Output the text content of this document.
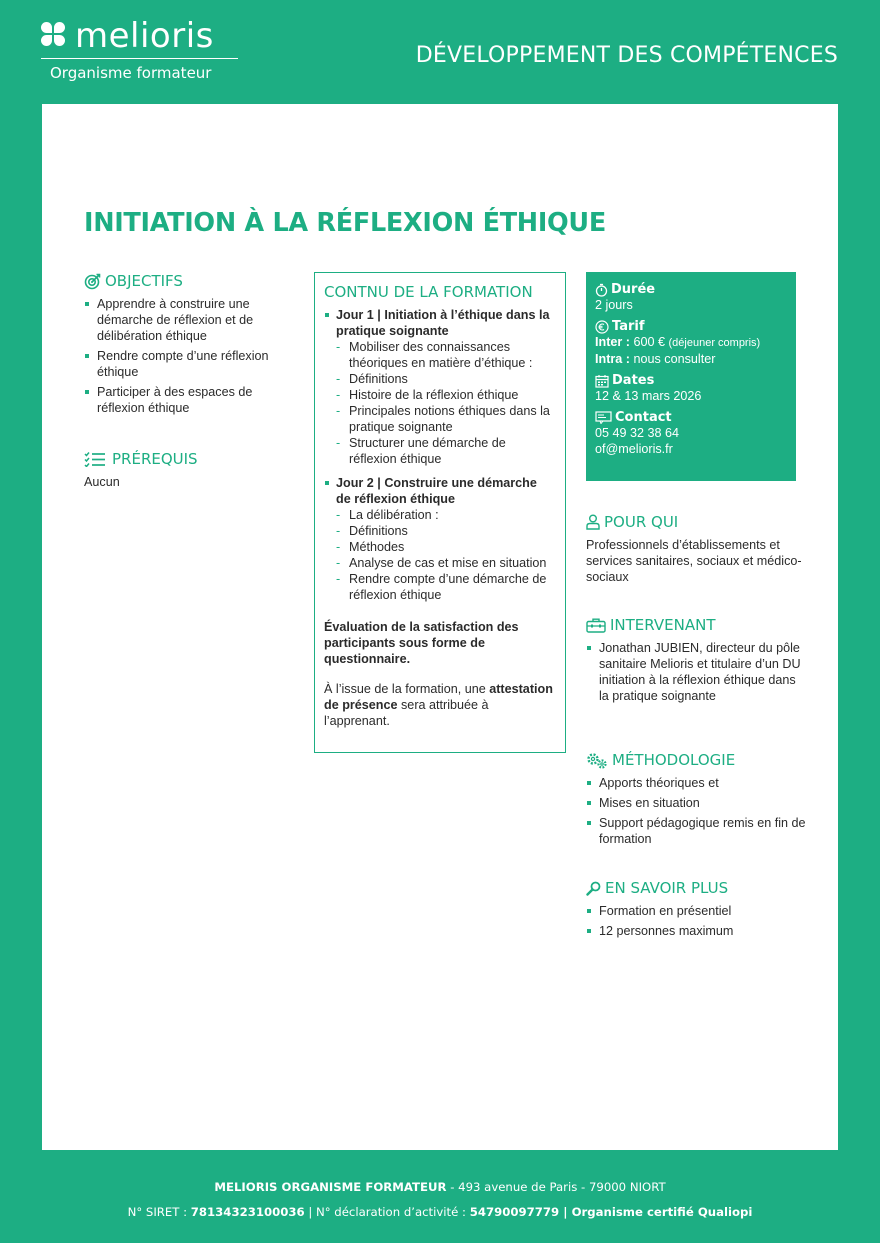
melioris
Organisme formateur
DÉVELOPPEMENT DES COMPÉTENCES
INITIATION À LA RÉFLEXION ÉTHIQUE
OBJECTIFS
Apprendre à construire une démarche de réflexion et de délibération éthique
Rendre compte d’une réflexion éthique
Participer à des espaces de réflexion éthique
PRÉREQUIS
Aucun
CONTNU DE LA FORMATION
Jour 1 | Initiation à l’éthique dans la pratique soignante
- Mobiliser des connaissances théoriques en matière d’éthique :
- Définitions
- Histoire de la réflexion éthique
- Principales notions éthiques dans la pratique soignante
- Structurer une démarche de réflexion éthique
Jour 2 | Construire une démarche de réflexion éthique
- La délibération :
- Définitions
- Méthodes
- Analyse de cas et mise en situation
- Rendre compte d’une démarche de réflexion éthique
Évaluation de la satisfaction des participants sous forme de questionnaire.
À l’issue de la formation, une attestation de présence sera attribuée à l’apprenant.
Durée
2 jours
Tarif
Inter : 600 € (déjeuner compris)
Intra : nous consulter
Dates
12 & 13 mars 2026
Contact
05 49 32 38 64
of@melioris.fr
POUR QUI
Professionnels d’établissements et services sanitaires, sociaux et médico-sociaux
INTERVENANT
Jonathan JUBIEN, directeur du pôle sanitaire Melioris et titulaire d’un DU initiation à la réflexion éthique dans la pratique soignante
MÉTHODOLOGIE
Apports théoriques et
Mises en situation
Support pédagogique remis en fin de formation
EN SAVOIR PLUS
Formation en présentiel
12 personnes maximum
MELIORIS ORGANISME FORMATEUR - 493 avenue de Paris - 79000 NIORT
N° SIRET : 78134323100036 | N° déclaration d’activité : 54790097779 | Organisme certifié Qualiopi
